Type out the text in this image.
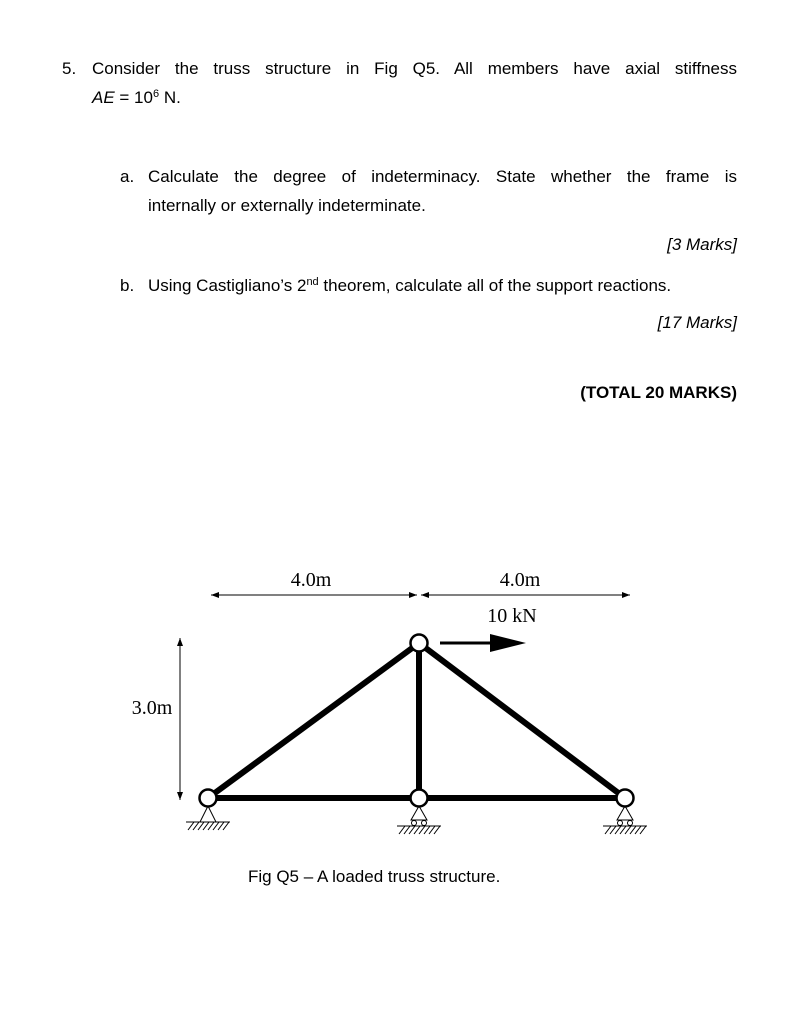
5. Consider the truss structure in Fig Q5. All members have axial stiffness
AE = $10^6$ N.
a. Calculate the degree of indeterminacy. State whether the frame is
internally or externally indeterminate.
[3 Marks]
b. Using Castigliano’s 2nd theorem, calculate all of the support reactions.
[17 Marks]
(TOTAL 20 MARKS)
4.0m	4.0m
3.0m
10 kN
Fig Q5 – A loaded truss structure.
